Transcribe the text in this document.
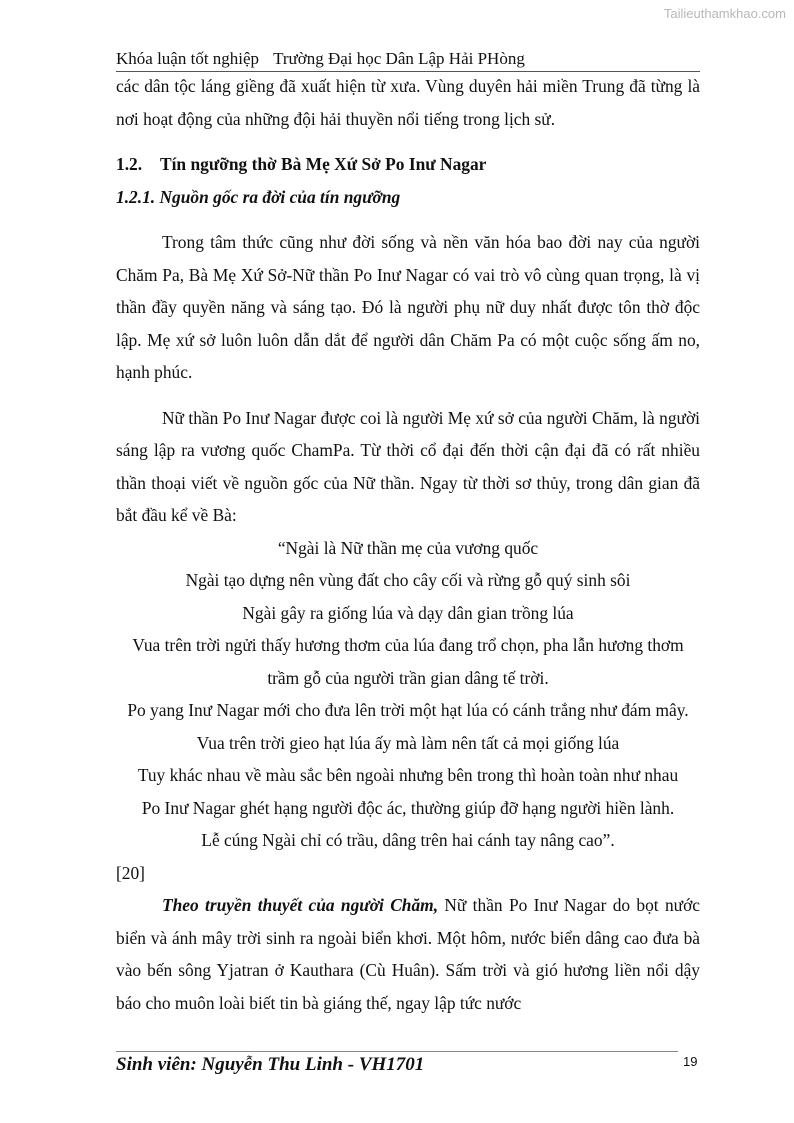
Tailieuthamkhao.com
Khóa luận tốt nghiệp Trường Đại học Dân Lập Hải PHòng

các dân tộc láng giềng đã xuất hiện từ xưa. Vùng duyên hải miền Trung đã từng là nơi hoạt động của những đội hải thuyền nổi tiếng trong lịch sử.

1.2. Tín ngưỡng thờ Bà Mẹ Xứ Sở Po Inư Nagar

1.2.1. Nguồn gốc ra đời của tín ngưỡng

Trong tâm thức cũng như đời sống và nền văn hóa bao đời nay của người Chăm Pa, Bà Mẹ Xứ Sở-Nữ thần Po Inư Nagar có vai trò vô cùng quan trọng, là vị thần đầy quyền năng và sáng tạo. Đó là người phụ nữ duy nhất được tôn thờ độc lập. Mẹ xứ sở luôn luôn dẫn dắt để người dân Chăm Pa có một cuộc sống ấm no, hạnh phúc.

Nữ thần Po Inư Nagar được coi là người Mẹ xứ sở của người Chăm, là người sáng lập ra vương quốc ChamPa. Từ thời cổ đại đến thời cận đại đã có rất nhiều thần thoại viết về nguồn gốc của Nữ thần. Ngay từ thời sơ thủy, trong dân gian đã bắt đầu kể về Bà:

“Ngài là Nữ thần mẹ của vương quốc
Ngài tạo dựng nên vùng đất cho cây cối và rừng gỗ quý sinh sôi
Ngài gây ra giống lúa và dạy dân gian trồng lúa
Vua trên trời ngửi thấy hương thơm của lúa đang trổ chọn, pha lẫn hương thơm trầm gỗ của người trần gian dâng tế trời.
Po yang Inư Nagar mới cho đưa lên trời một hạt lúa có cánh trắng như đám mây.
Vua trên trời gieo hạt lúa ấy mà làm nên tất cả mọi giống lúa
Tuy khác nhau về màu sắc bên ngoài nhưng bên trong thì hoàn toàn như nhau
Po Inư Nagar ghét hạng người độc ác, thường giúp đỡ hạng người hiền lành.
Lễ cúng Ngài chỉ có trầu, dâng trên hai cánh tay nâng cao”.

[20]

Theo truyền thuyết của người Chăm, Nữ thần Po Inư Nagar do bọt nước biển và ánh mây trời sinh ra ngoài biển khơi. Một hôm, nước biển dâng cao đưa bà vào bến sông Yjatran ở Kauthara (Cù Huân). Sấm trời và gió hương liền nổi dậy báo cho muôn loài biết tin bà giáng thế, ngay lập tức nước

Sinh viên: Nguyễn Thu Linh - VH1701	19
